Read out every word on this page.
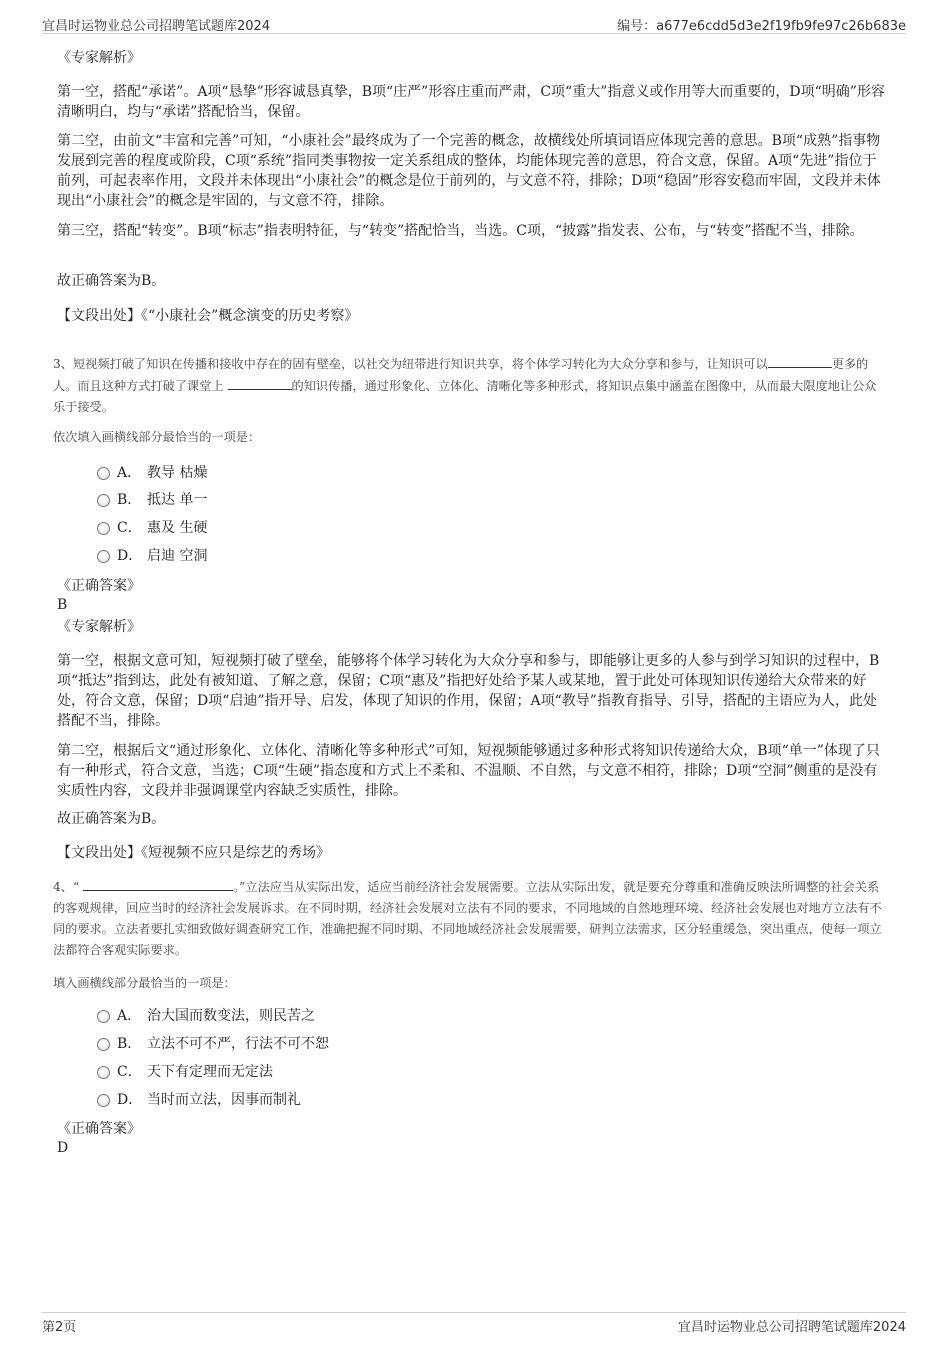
宜昌时运物业总公司招聘笔试题库2024	编号：a677e6cdd5d3e2f19fb9fe97c26b683e
《专家解析》
第一空，搭配“承诺”。A项“恳挚”形容诚恳真挚，B项“庄严”形容庄重而严肃，C项“重大”指意义或作用等大而重要的，D项“明确”形容清晰明白，均与“承诺”搭配恰当，保留。
第二空，由前文“丰富和完善”可知，“小康社会”最终成为了一个完善的概念，故横线处所填词语应体现完善的意思。B项“成熟”指事物发展到完善的程度或阶段，C项“系统”指同类事物按一定关系组成的整体，均能体现完善的意思，符合文意，保留。A项“先进”指位于前列，可起表率作用，文段并未体现出“小康社会”的概念是位于前列的，与文意不符，排除；D项“稳固”形容安稳而牢固，文段并未体现出“小康社会”的概念是牢固的，与文意不符，排除。
第三空，搭配“转变”。B项“标志”指表明特征，与“转变”搭配恰当，当选。C项，“披露”指发表、公布，与“转变”搭配不当，排除。
故正确答案为B。
【文段出处】《“小康社会”概念演变的历史考察》
3、短视频打破了知识在传播和接收中存在的固有壁垒，以社交为纽带进行知识共享，将个体学习转化为大众分享和参与，让知识可以	更多的人。而且这种方式打破了课堂上	的知识传播，通过形象化、立体化、清晰化等多种形式，将知识点集中涵盖在图像中，从而最大限度地让公众乐于接受。
依次填入画横线部分最恰当的一项是：
A． 教导 枯燥
B． 抵达 单一
C． 惠及 生硬
D． 启迪 空洞
《正确答案》
B
《专家解析》
第一空，根据文意可知，短视频打破了壁垒，能够将个体学习转化为大众分享和参与，即能够让更多的人参与到学习知识的过程中，B项“抵达”指到达，此处有被知道、了解之意，保留；C项“惠及”指把好处给予某人或某地，置于此处可体现知识传递给大众带来的好处，符合文意，保留；D项“启迪”指开导、启发，体现了知识的作用，保留；A项“教导”指教育指导、引导，搭配的主语应为人，此处搭配不当，排除。
第二空，根据后文“通过形象化、立体化、清晰化等多种形式”可知，短视频能够通过多种形式将知识传递给大众，B项“单一”体现了只有一种形式，符合文意，当选；C项“生硬”指态度和方式上不柔和、不温顺、不自然，与文意不相符，排除；D项“空洞”侧重的是没有实质性内容，文段并非强调课堂内容缺乏实质性，排除。
故正确答案为B。
【文段出处】《短视频不应只是综艺的秀场》
4、“	。”立法应当从实际出发，适应当前经济社会发展需要。立法从实际出发，就是要充分尊重和准确反映法所调整的社会关系的客观规律，回应当时的经济社会发展诉求。在不同时期，经济社会发展对立法有不同的要求，不同地域的自然地理环境、经济社会发展也对地方立法有不同的要求。立法者要扎实细致做好调查研究工作，准确把握不同时期、不同地域经济社会发展需要，研判立法需求，区分轻重缓急，突出重点，使每一项立法都符合客观实际要求。
填入画横线部分最恰当的一项是：
A． 治大国而数变法，则民苦之
B． 立法不可不严，行法不可不恕
C． 天下有定理而无定法
D． 当时而立法，因事而制礼
《正确答案》
D
第2页	宜昌时运物业总公司招聘笔试题库2024
